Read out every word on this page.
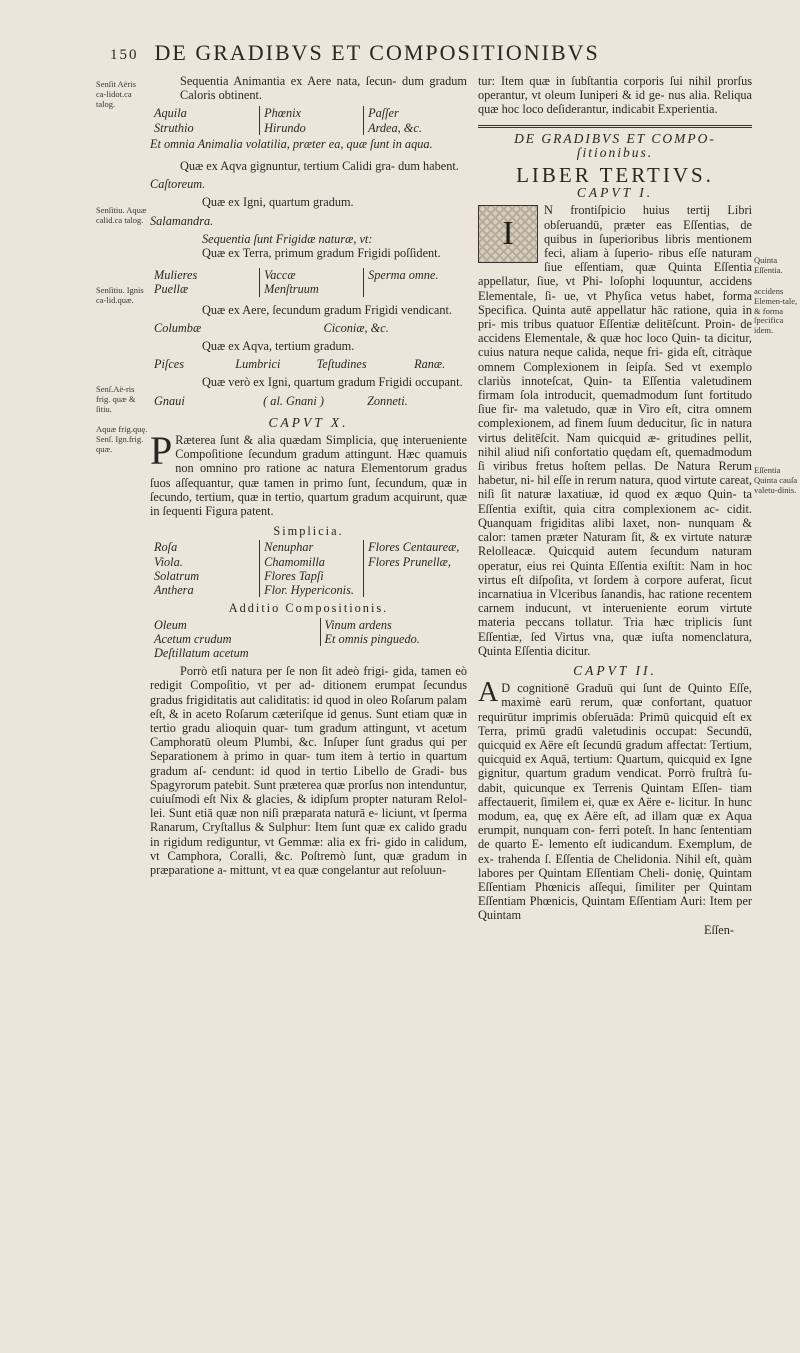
150 DE GRADIBVS ET COMPOSITIONIBVS
Senſit Aëris ca-lidot.ca talog.
Senſitiu. Aquæ calid.ca talog.
Senſitiu. Ignis ca-lid.quæ.
Senſ.Aë-ris frig. quæ & ſitiu.
Aquæ frig.quę. Senſ. Ign.frig. quæ.
Quinta Eſſentia.
accidens Elemen-tale, & forma ſpecifica idem.
Eſſentia Quinta cauſa valetu-dinis.

Sequentia Animantia ex Aere nata, ſecun- dum gradum Caloris obtinent.

Aquila	Phœnix	Paſſer
Struthio	Hirundo	Ardea, &c.

Et omnia Animalia volatilia, præter ea, quæ ſunt in aqua.

Quæ ex Aqva gignuntur, tertium Calidi gra- dum habent.

Caſtoreum.

Quæ ex Igni, quartum gradum.

Salamandra.

Sequentia ſunt Frigidæ naturæ, vt:

Quæ ex Terra, primum gradum Frigidi poſſident.

Mulieres	Vaccæ	Sperma omne.
Puellæ	Menſtruum

Quæ ex Aere, ſecundum gradum Frigidi vendicant.

Columbæ	Ciconiæ, &c.

Quæ ex Aqva, tertium gradum.

Piſces	Lumbrici	Teſtudines	Ranæ.

Quæ verò ex Igni, quartum gradum Frigidi occupant.

Gnaui	( al. Gnani )	Zonneti.

CAPVT X.

P Ræterea ſunt & alia quædam Simplicia, quę interueniente Compoſitione ſecundum gradum attingunt. Hæc quamuis non omnino pro ratione ac natura Elementorum gradus ſuos aſſequantur, quæ tamen in primo ſunt, ſecundum, quæ in ſecundo, tertium, quæ in tertio, quartum gradum acquirunt, quæ in ſequenti Figura patent.

Simplicia.

Roſa	Nenuphar	Flores Centaureæ,
Viola.	Chamomilla	Flores Prunellæ,
Solatrum	Flores Tapſi
Anthera	Flor. Hypericonis.

Additio Compositionis.

Oleum	Vinum ardens
Acetum crudum	Et omnis pinguedo.
Deſtillatum acetum

Porrò etſi natura per ſe non ſit adeò frigi- gida, tamen eò redigit Compoſitio, vt per ad- ditionem erumpat ſecundus gradus frigiditatis aut caliditatis: id quod in oleo Roſarum palam eſt, & in aceto Roſarum cæteriſque id genus. Sunt etiam quæ in tertio gradu alioquin quar- tum gradum attingunt, vt acetum Camphoratū oleum Plumbi, &c. Inſuper ſunt gradus qui per Separationem à primo in quar- tum item à tertio in quartum gradum aſ- cendunt: id quod in tertio Libello de Gradi- bus Spagyrorum patebit. Sunt præterea quæ prorſus non intenduntur, cuiuſmodi eſt Nix & glacies, & idipſum propter naturam Relol- lei. Sunt etiā quæ non niſi præparata naturā e- liciunt, vt ſperma Ranarum, Cryſtallus & Sulphur: Item ſunt quæ ex calido gradu in rigidum rediguntur, vt Gemmæ: alia ex fri- gido in calidum, vt Camphora, Coralli, &c. Poſtremò ſunt, quæ gradum in præparatione a- mittunt, vt ea quæ congelantur aut reſoluun-

tur: Item quæ in ſubſtantia corporis ſui nihil prorſus operantur, vt oleum Iuniperi & id ge- nus alia. Reliqua quæ hoc loco deſiderantur, indicabit Experientia.

DE GRADIBVS ET COMPO-

ſitionibus.

LIBER TERTIVS.

CAPVT I.

I
N frontiſpicio huius tertij Libri obſeruandū, præter eas Eſſentias, de quibus in ſuperioribus libris mentionem feci, aliam à ſuperio- ribus eſſe naturam ſiue eſſentiam, quæ Quinta Eſſentia appellatur, ſiue, vt Phi- loſophi loquuntur, accidens Elementale, ſi- ue, vt Phyſica vetus habet, forma Specifica. Quinta autē appellatur hāc ratione, quia in pri- mis tribus quatuor Eſſentiæ delitēſcunt. Proin- de accidens Elementale, & quæ hoc loco Quin- ta dicitur, cuius natura neque calida, neque fri- gida eſt, citràque omnem Complexionem in ſeipſa. Sed vt exemplo clariùs innoteſcat, Quin- ta Eſſentia valetudinem firmam ſola introducit, quemadmodum ſunt fortitudo ſiue fir- ma valetudo, quæ in Viro eſt, citra omnem complexionem, ad finem ſuum deducitur, ſic in natura virtus delitēſcit. Nam quicquid æ- gritudines pellit, nihil aliud niſi confortatio quędam eſt, quemadmodum ſi viribus fretus hoſtem pellas. De Natura Rerum habetur, ni- hil eſſe in rerum natura, quod virtute careat, niſi ſit naturæ laxatiuæ, id quod ex æquo Quin- ta Eſſentia exiſtit, quia citra complexionem ac- cidit. Quanquam frigiditas alibi laxet, non- nunquam & calor: tamen præter Naturam ſit, & ex virtute naturæ Relolleacæ. Quicquid autem ſecundum naturam operatur, eius rei Quinta Eſſentia exiſtit: Nam in hoc virtus eſt diſpoſita, vt ſordem à corpore auferat, ſicut incarnatiua in Vlceribus ſanandis, hac ratione recentem carnem inducunt, vt interueniente eorum virtute materia peccans tollatur. Tria hæc triplicis ſunt Eſſentiæ, ſed Virtus vna, quæ iuſta nomenclatura, Quinta Eſſentia dicitur.

CAPVT II.

A D cognitionē Graduū qui ſunt de Quinto Eſſe, maximè earū rerum, quæ confortant, quatuor requirūtur imprimis obſeruāda: Primū quicquid eſt ex Terra, primū gradū valetudinis occupat: Secundū, quicquid ex Aëre eſt ſecundū gradum affectat: Tertium, quicquid ex Aquā, tertium: Quartum, quicquid ex Igne gignitur, quartum gradum vendicat. Porrò fruſtrà ſu- dabit, quicunque ex Terrenis Quintam Eſſen- tiam affectauerit, ſimilem ei, quæ ex Aëre e- licitur. In hunc modum, ea, quę ex Aëre eſt, ad illam quæ ex Aqua erumpit, nunquam con- ferri poteſt. In hanc ſententiam de quarto E- lemento eſt iudicandum. Exemplum, de ex- trahenda ſ. Eſſentia de Chelidonia. Nihil eſt, quàm labores per Quintam Eſſentiam Cheli- donię, Quintam Eſſentiam Phœnicis aſſequi, ſimiliter per Quintam Eſſentiam Phœnicis, Quintam Eſſentiam Auri: Item per Quintam

Eſſen-
